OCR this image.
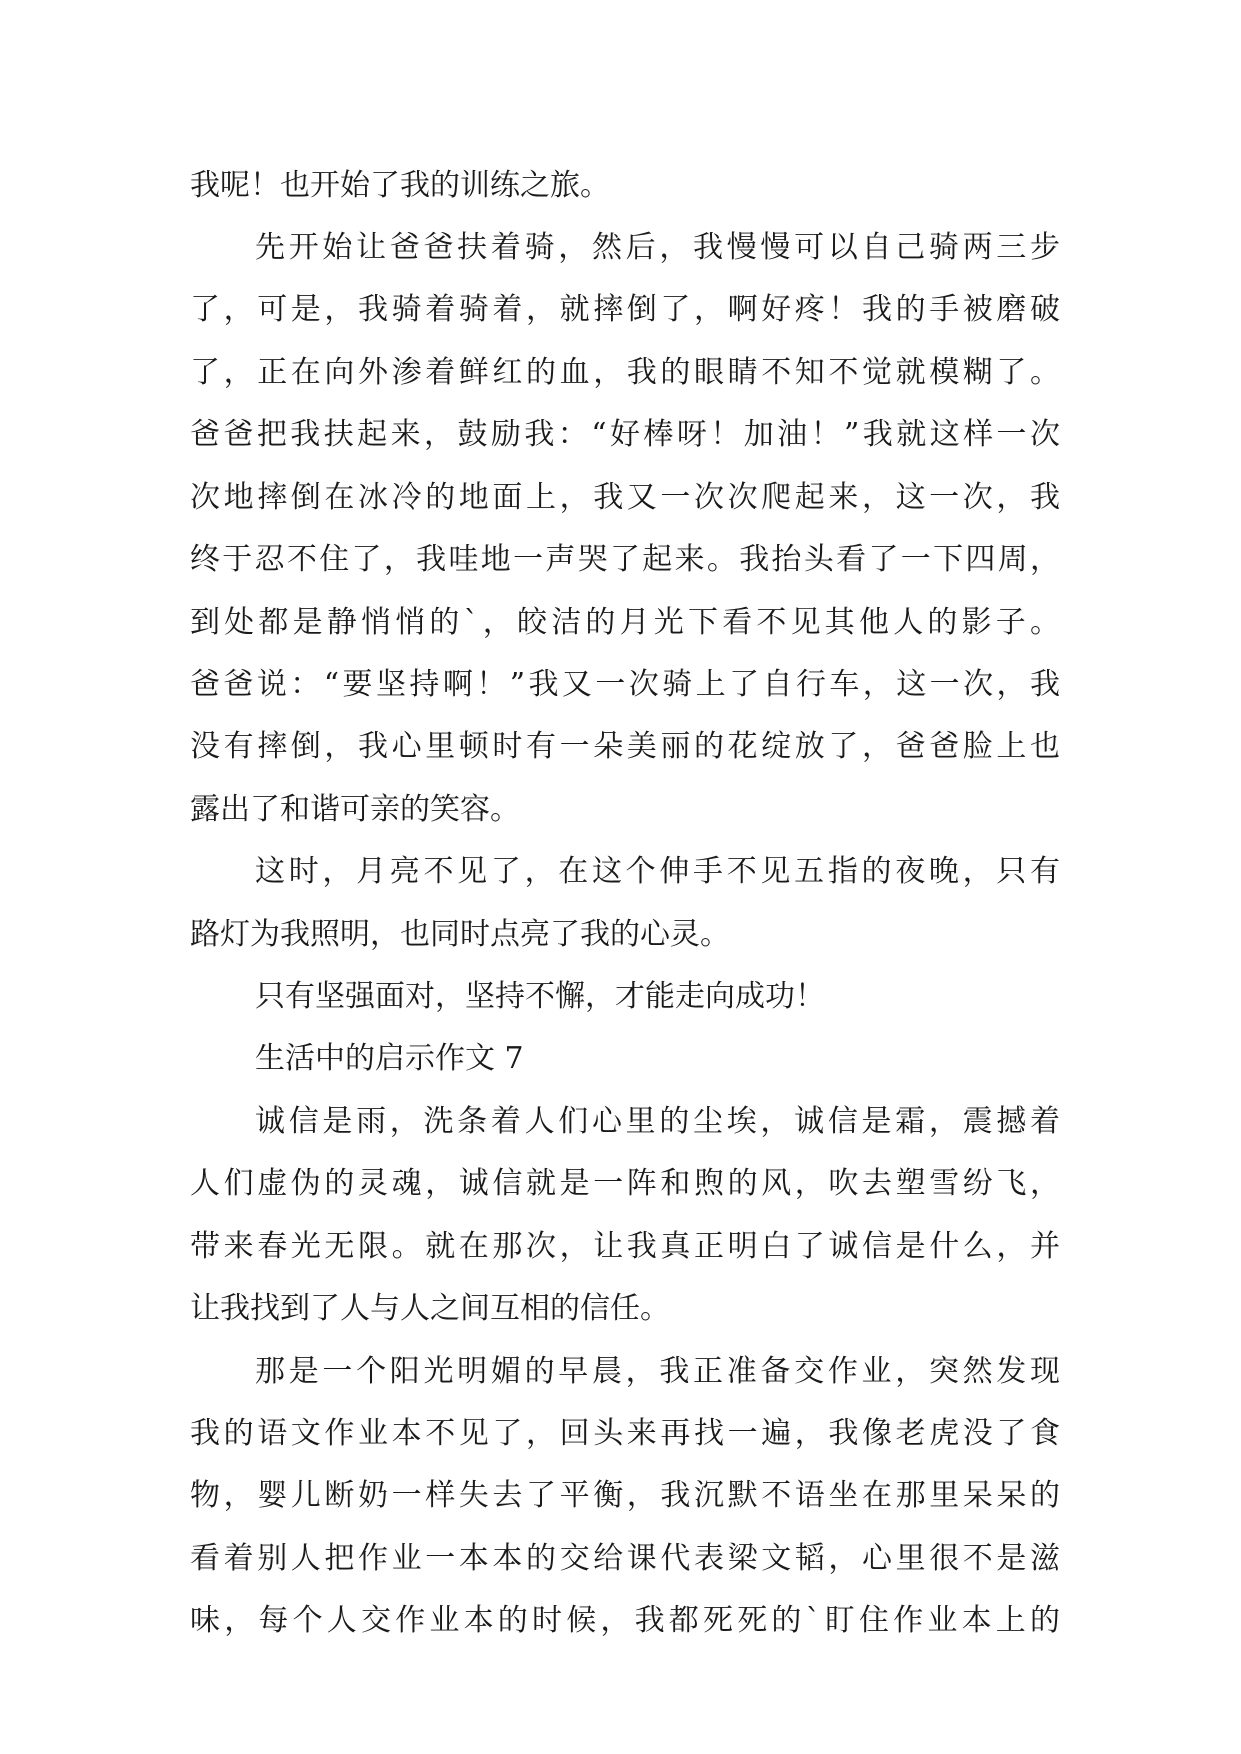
我呢！也开始了我的训练之旅。
先开始让爸爸扶着骑，然后，我慢慢可以自己骑两三步
了，可是，我骑着骑着，就摔倒了，啊好疼！我的手被磨破
了，正在向外渗着鲜红的血，我的眼睛不知不觉就模糊了。
爸爸把我扶起来，鼓励我：“好棒呀！加油！”我就这样一次
次地摔倒在冰冷的地面上，我又一次次爬起来，这一次，我
终于忍不住了，我哇地一声哭了起来。我抬头看了一下四周，
到处都是静悄悄的`，皎洁的月光下看不见其他人的影子。
爸爸说：“要坚持啊！”我又一次骑上了自行车，这一次，我
没有摔倒，我心里顿时有一朵美丽的花绽放了，爸爸脸上也
露出了和谐可亲的笑容。
这时，月亮不见了，在这个伸手不见五指的夜晚，只有
路灯为我照明，也同时点亮了我的心灵。
只有坚强面对，坚持不懈，才能走向成功！
生活中的启示作文 7
诚信是雨，洗条着人们心里的尘埃，诚信是霜，震撼着
人们虚伪的灵魂，诚信就是一阵和煦的风，吹去塑雪纷飞，
带来春光无限。就在那次，让我真正明白了诚信是什么，并
让我找到了人与人之间互相的信任。
那是一个阳光明媚的早晨，我正准备交作业，突然发现
我的语文作业本不见了，回头来再找一遍，我像老虎没了食
物，婴儿断奶一样失去了平衡，我沉默不语坐在那里呆呆的
看着别人把作业一本本的交给课代表梁文韬，心里很不是滋
味，每个人交作业本的时候，我都死死的`盯住作业本上的
